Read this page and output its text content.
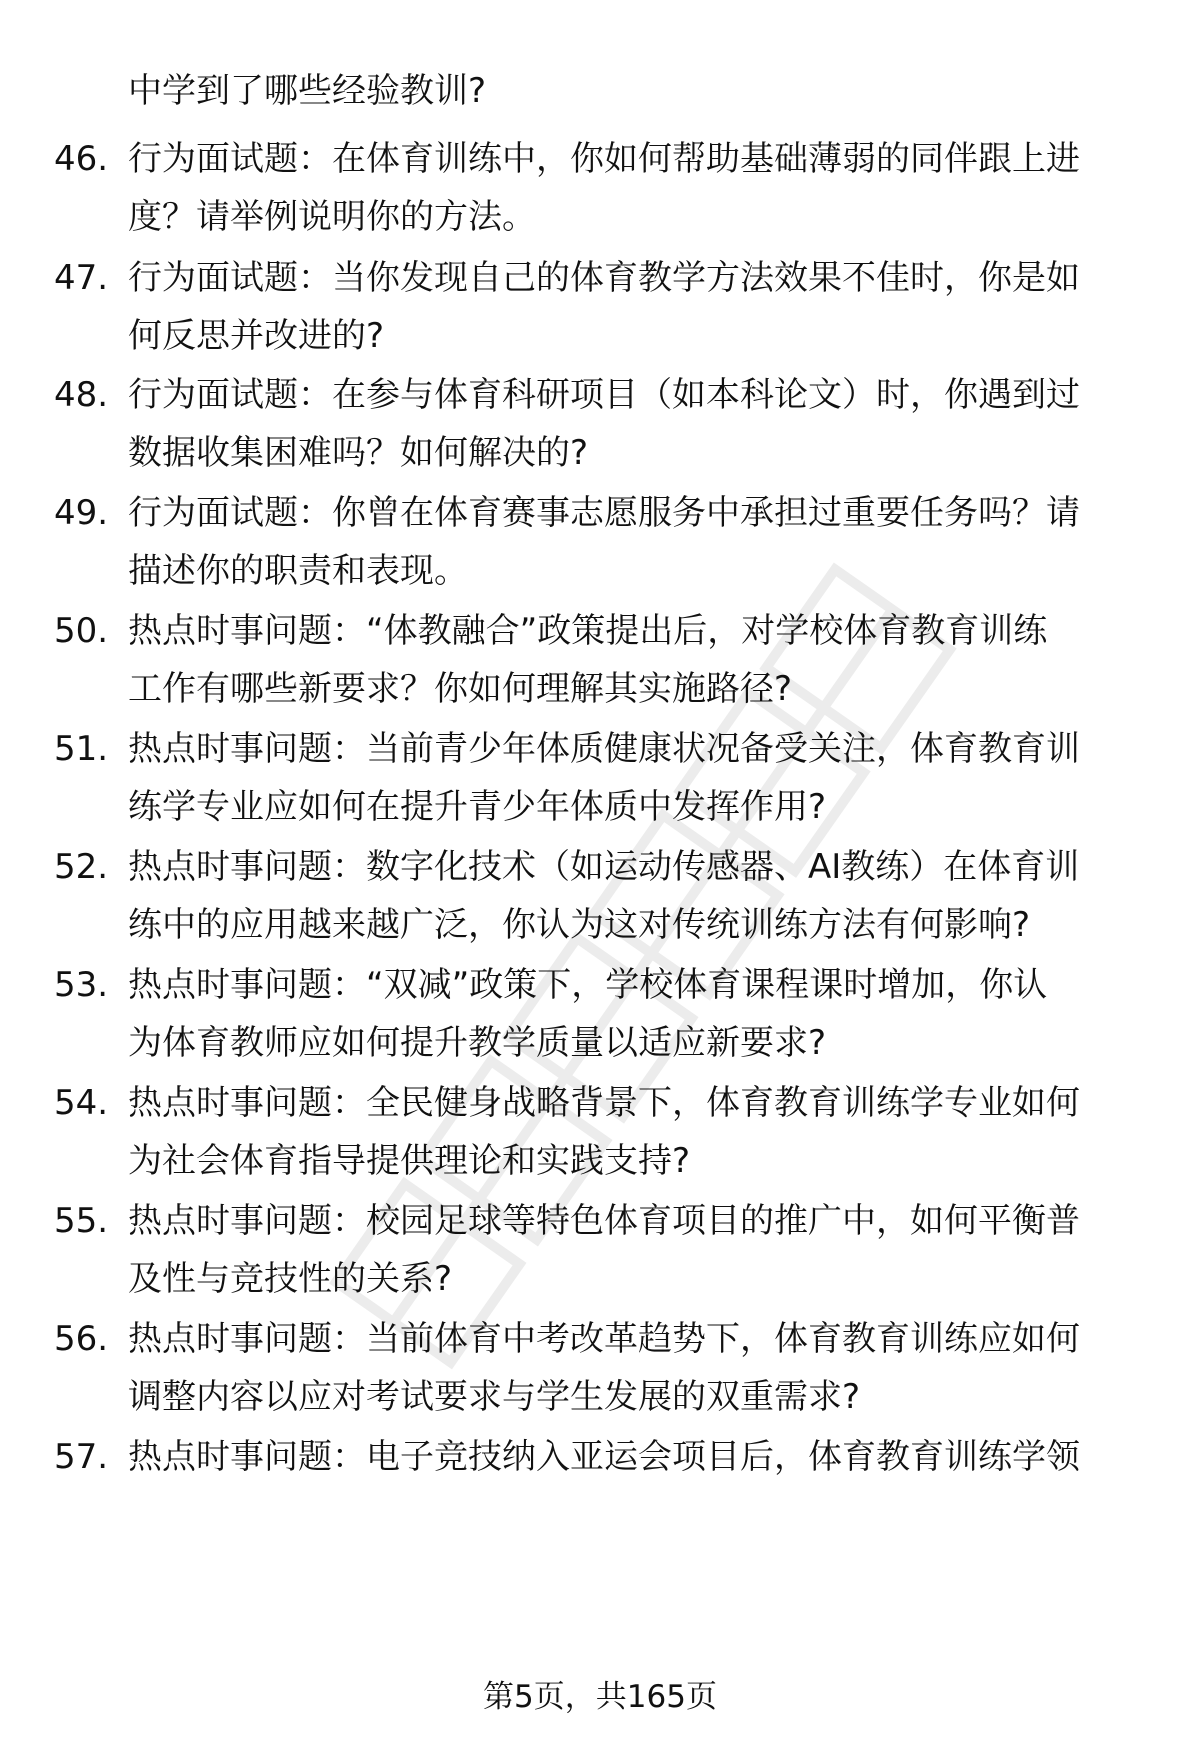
中学到了哪些经验教训?

46. 行为面试题：在体育训练中，你如何帮助基础薄弱的同伴跟上进
度？请举例说明你的方法。
47. 行为面试题：当你发现自己的体育教学方法效果不佳时，你是如
何反思并改进的?
48. 行为面试题：在参与体育科研项目（如本科论文）时，你遇到过
数据收集困难吗？如何解决的?
49. 行为面试题：你曾在体育赛事志愿服务中承担过重要任务吗？请
描述你的职责和表现。
50. 热点时事问题：“体教融合”政策提出后，对学校体育教育训练
工作有哪些新要求？你如何理解其实施路径?
51. 热点时事问题：当前青少年体质健康状况备受关注，体育教育训
练学专业应如何在提升青少年体质中发挥作用?
52. 热点时事问题：数字化技术（如运动传感器、AI教练）在体育训
练中的应用越来越广泛，你认为这对传统训练方法有何影响?
53. 热点时事问题：“双减”政策下，学校体育课程课时增加，你认
为体育教师应如何提升教学质量以适应新要求?
54. 热点时事问题：全民健身战略背景下，体育教育训练学专业如何
为社会体育指导提供理论和实践支持?
55. 热点时事问题：校园足球等特色体育项目的推广中，如何平衡普
及性与竞技性的关系?
56. 热点时事问题：当前体育中考改革趋势下，体育教育训练应如何
调整内容以应对考试要求与学生发展的双重需求?
57. 热点时事问题：电子竞技纳入亚运会项目后，体育教育训练学领
第5页，共165页
